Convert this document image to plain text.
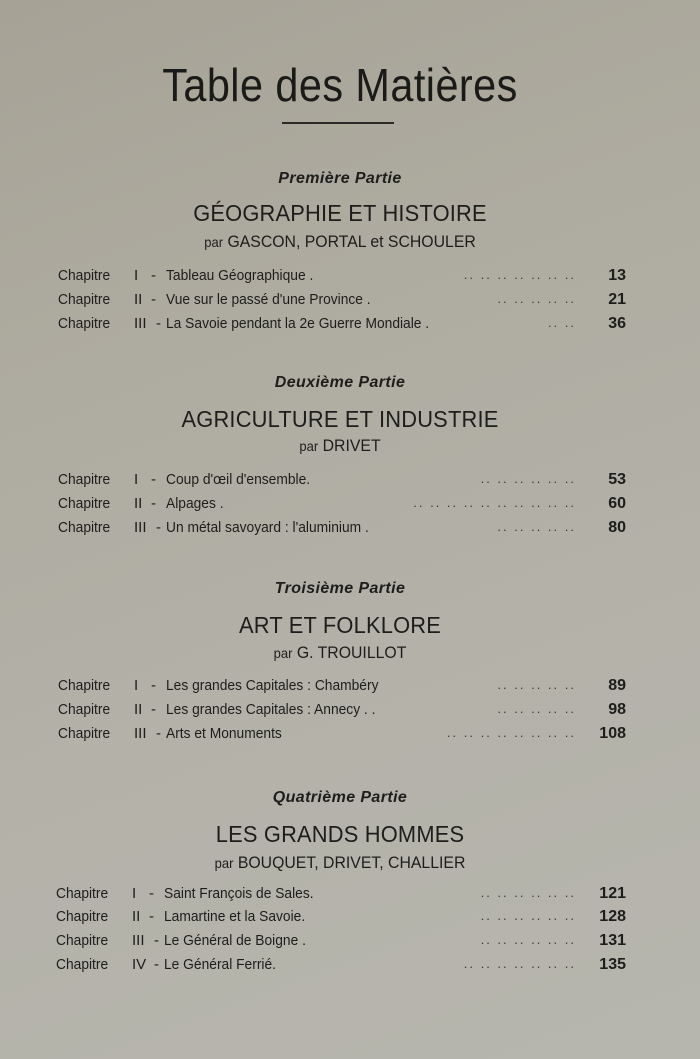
Table des Matières
Première Partie
GÉOGRAPHIE ET HISTOIRE
par GASCON, PORTAL et SCHOULER
Chapitre I - Tableau Géographique .	.. .. .. .. .. .. .. 13
Chapitre II - Vue sur le passé d'une Province .	.. .. .. .. .. 21
Chapitre III - La Savoie pendant la 2e Guerre Mondiale .	.. .. 36
Deuxième Partie
AGRICULTURE ET INDUSTRIE
par DRIVET
Chapitre I - Coup d'œil d'ensemble.	.. .. .. .. .. .. 53
Chapitre II - Alpages .	.. .. .. .. .. .. .. .. .. .. 60
Chapitre III - Un métal savoyard : l'aluminium .	.. .. .. .. .. 80
Troisième Partie
ART ET FOLKLORE
par G. TROUILLOT
Chapitre I - Les grandes Capitales : Chambéry	.. .. .. .. .. 89
Chapitre II - Les grandes Capitales : Annecy . .	.. .. .. .. .. 98
Chapitre III - Arts et Monuments	.. .. .. .. .. .. .. .. 108
Quatrième Partie
LES GRANDS HOMMES
par BOUQUET, DRIVET, CHALLIER
Chapitre I - Saint François de Sales.	.. .. .. .. .. .. 121
Chapitre II - Lamartine et la Savoie.	.. .. .. .. .. .. 128
Chapitre III - Le Général de Boigne .	.. .. .. .. .. .. 131
Chapitre IV - Le Général Ferrié.	.. .. .. .. .. .. .. 135
